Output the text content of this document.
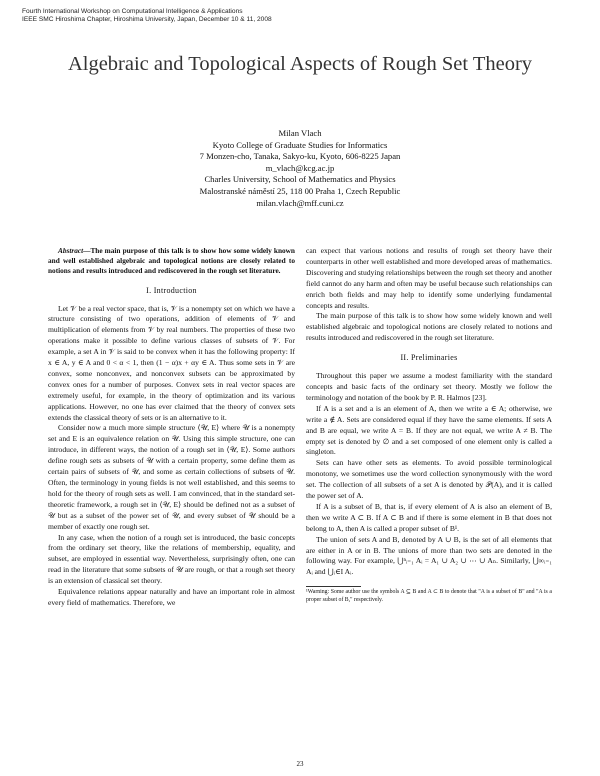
Fourth International Workshop on Computational Intelligence & Applications
IEEE SMC Hiroshima Chapter, Hiroshima University, Japan, December 10 & 11, 2008
Algebraic and Topological Aspects of Rough Set Theory
Milan Vlach
Kyoto College of Graduate Studies for Informatics
7 Monzen-cho, Tanaka, Sakyo-ku, Kyoto, 606-8225 Japan
m_vlach@kcg.ac.jp
Charles University, School of Mathematics and Physics
Malostranské náměstí 25, 118 00 Praha 1, Czech Republic
milan.vlach@mff.cuni.cz

Abstract—The main purpose of this talk is to show how some widely known and well established algebraic and topological notions are closely related to notions and results introduced and rediscovered in the rough set literature.

I. Introduction

Let 𝒱 be a real vector space, that is, 𝒱 is a nonempty set on which we have a structure consisting of two operations, addition of elements of 𝒱 and multiplication of elements from 𝒱 by real numbers. The properties of these two operations make it possible to define various classes of subsets of 𝒱. For example, a set A in 𝒱 is said to be convex when it has the following property: If x ∈ A, y ∈ A and 0 < α < 1, then (1 − α)x + αy ∈ A. Thus some sets in 𝒱 are convex, some nonconvex, and nonconvex subsets can be approximated by convex ones for a number of purposes. Convex sets in real vector spaces are extremely useful, for example, in the theory of optimization and its various applications. However, no one has ever claimed that the theory of convex sets extends the classical theory of sets or is an alternative to it.

Consider now a much more simple structure ⟨𝒰, E⟩ where 𝒰 is a nonempty set and E is an equivalence relation on 𝒰. Using this simple structure, one can introduce, in different ways, the notion of a rough set in ⟨𝒰, E⟩. Some authors define rough sets as subsets of 𝒰 with a certain property, some define them as certain pairs of subsets of 𝒰, and some as certain collections of subsets of 𝒰. Often, the terminology in young fields is not well established, and this seems to hold for the theory of rough sets as well. I am convinced, that in the standard set-theoretic framework, a rough set in ⟨𝒰, E⟩ should be defined not as a subset of 𝒰 but as a subset of the power set of 𝒰, and every subset of 𝒰 should be a member of exactly one rough set.

In any case, when the notion of a rough set is introduced, the basic concepts from the ordinary set theory, like the relations of membership, equality, and subset, are employed in essential way. Nevertheless, surprisingly often, one can read in the literature that some subsets of 𝒰 are rough, or that a rough set theory is an extension of classical set theory.

Equivalence relations appear naturally and have an important role in almost every field of mathematics. Therefore, we

can expect that various notions and results of rough set theory have their counterparts in other well established and more developed areas of mathematics. Discovering and studying relationships between the rough set theory and another field cannot do any harm and often may be useful because such relationships can enrich both fields and may help to identify some underlying fundamental concepts and results.

The main purpose of this talk is to show how some widely known and well established algebraic and topological notions are closely related to notions and results introduced and rediscovered in the rough set literature.

II. Preliminaries

Throughout this paper we assume a modest familiarity with the standard concepts and basic facts of the ordinary set theory. Mostly we follow the terminology and notation of the book by P. R. Halmos [23].

If A is a set and a is an element of A, then we write a ∈ A; otherwise, we write a ∉ A. Sets are considered equal if they have the same elements. If sets A and B are equal, we write A = B. If they are not equal, we write A ≠ B. The empty set is denoted by ∅ and a set composed of one element only is called a singleton.

Sets can have other sets as elements. To avoid possible terminological monotony, we sometimes use the word collection synonymously with the word set. The collection of all subsets of a set A is denoted by 𝒫(A), and it is called the power set of A.

If A is a subset of B, that is, if every element of A is also an element of B, then we write A ⊂ B. If A ⊂ B and if there is some element in B that does not belong to A, then A is called a proper subset of B¹.

The union of sets A and B, denoted by A ∪ B, is the set of all elements that are either in A or in B. The unions of more than two sets are denoted in the following way. For example, ⋃ⁿᵢ₌₁ Aᵢ = A₁ ∪ A₂ ∪ ⋯ ∪ Aₙ. Similarly, ⋃∞ᵢ₌₁ Aᵢ and ⋃ᵢ∈I Aᵢ.

¹Warning: Some author use the symbols A ⊆ B and A ⊂ B to denote that "A is a subset of B" and "A is a proper subset of B," respectively.
23
